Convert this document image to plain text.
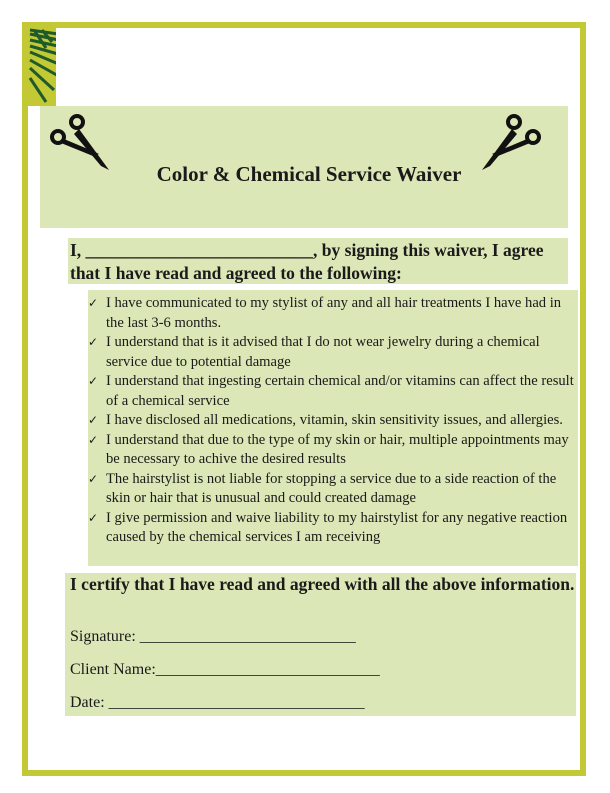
Color & Chemical Service Waiver
I, __________________________, by signing this waiver, I agree that I have read and agreed to the following:
✓ I have communicated to my stylist of any and all hair treatments I have had in the last 3-6 months.
✓ I understand that is it advised that I do not wear jewelry during a chemical service due to potential damage
✓ I understand that ingesting certain chemical and/or vitamins can affect the result of a chemical service
✓ I have disclosed all medications, vitamin, skin sensitivity issues, and allergies.
✓ I understand that due to the type of my skin or hair, multiple appointments may be necessary to achive the desired results
✓ The hairstylist is not liable for stopping a service due to a side reaction of the skin or hair that is unusual and could created damage
✓ I give permission and waive liability to my hairstylist for any negative reaction caused by the chemical services I am receiving
I certify that I have read and agreed with all the above information.
Signature: ___________________________
Client Name:____________________________
Date: ________________________________
